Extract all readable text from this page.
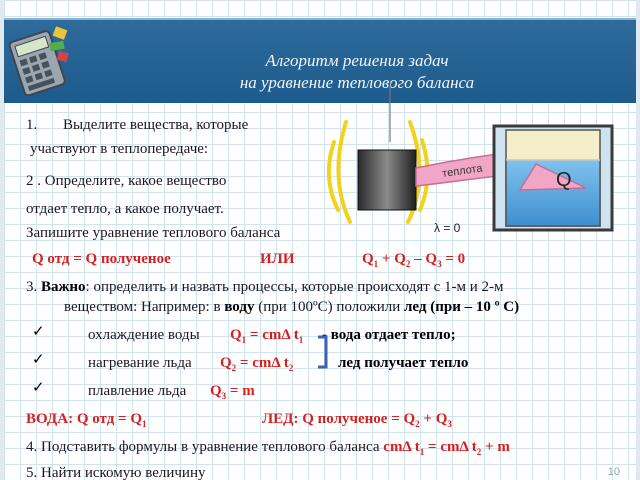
Алгоритм решения задач
на уравнение теплового баланса
теплота	Q
λ = 0

1. Выделите вещества, которые

участвуют в теплопередаче:

2 . Определите, какое вещество

отдает тепло, а какое получает.

Запишите уравнение теплового баланса

Q отд = Q полученое	ИЛИ	$Q_1 + Q_2 - Q_3 = 0$

3. Важно: определить и назвать процессы, которые происходят с 1-м и 2-м

веществом: Например: в воду (при 100ºС) положили лед (при – 10 º С)

✓	охлаждение воды $Q_1 = cm\Delta$ $t_1$ - вода отдает тепло;

✓	нагревание льда $Q_2 = cm\Delta$ $t_2$	лед получает тепло

✓	плавление льда $Q_3 = m$

ВОДА: Q отд = $Q_1$	ЛЕД: Q полученое = $Q_2 + Q_3$

4. Подставить формулы в уравнение теплового баланса cmΔ $t_1 = cm\Delta$ $t_2 + m$

5. Найти искомую величину	10
